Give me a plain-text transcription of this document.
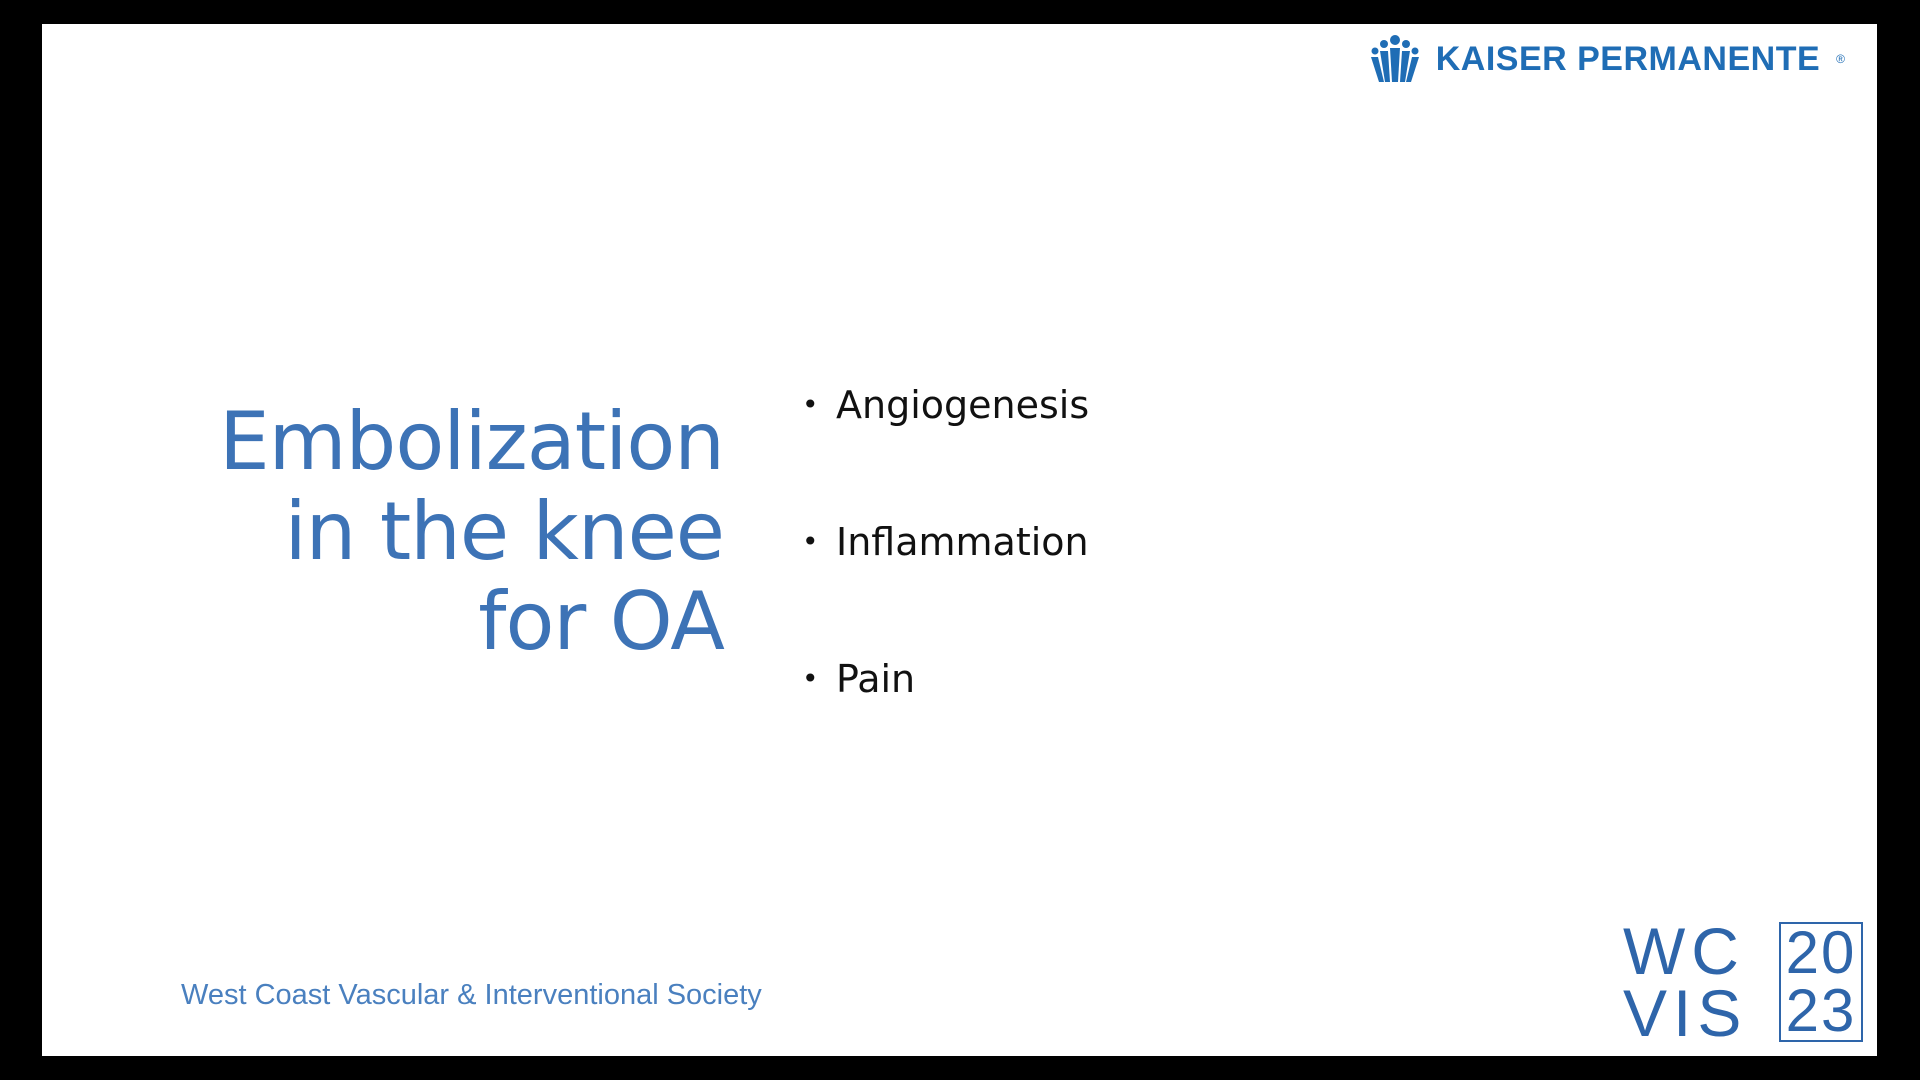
KAISER PERMANENTE ®
Embolization
in the knee
for OA
• Angiogenesis
• Inflammation
• Pain
West Coast Vascular & Interventional Society
WC
VIS
20
23
